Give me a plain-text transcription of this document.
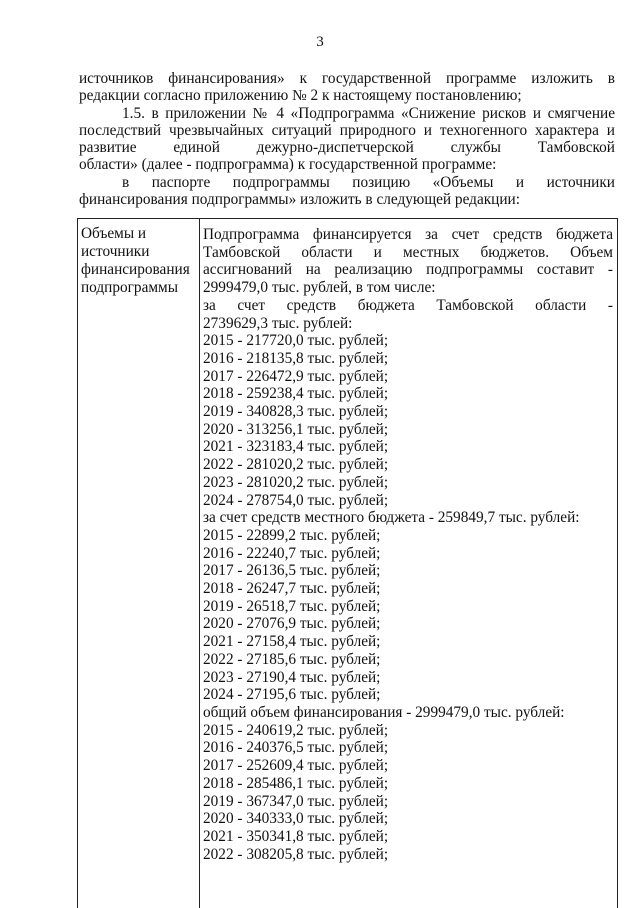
3

источников финансирования» к государственной программе изложить в

редакции согласно приложению № 2 к настоящему постановлению;

1.5. в приложении № 4 «Подпрограмма «Снижение рисков и смягчение

последствий чрезвычайных ситуаций природного и техногенного характера и

развитие единой дежурно-диспетчерской службы Тамбовской

области» (далее - подпрограмма) к государственной программе:

в паспорте подпрограммы позицию «Объемы и источники

финансирования подпрограммы» изложить в следующей редакции:

Объемы и
источники
финансирования
подпрограммы
Подпрограмма финансируется за счет средств бюджета
Тамбовской области и местных бюджетов. Объем
ассигнований на реализацию подпрограммы составит -
2999479,0 тыс. рублей, в том числе:
за счет средств бюджета Тамбовской области -
2739629,3 тыс. рублей:
2015 - 217720,0 тыс. рублей;
2016 - 218135,8 тыс. рублей;
2017 - 226472,9 тыс. рублей;
2018 - 259238,4 тыс. рублей;
2019 - 340828,3 тыс. рублей;
2020 - 313256,1 тыс. рублей;
2021 - 323183,4 тыс. рублей;
2022 - 281020,2 тыс. рублей;
2023 - 281020,2 тыс. рублей;
2024 - 278754,0 тыс. рублей;
за счет средств местного бюджета - 259849,7 тыс. рублей:
2015 - 22899,2 тыс. рублей;
2016 - 22240,7 тыс. рублей;
2017 - 26136,5 тыс. рублей;
2018 - 26247,7 тыс. рублей;
2019 - 26518,7 тыс. рублей;
2020 - 27076,9 тыс. рублей;
2021 - 27158,4 тыс. рублей;
2022 - 27185,6 тыс. рублей;
2023 - 27190,4 тыс. рублей;
2024 - 27195,6 тыс. рублей;
общий объем финансирования - 2999479,0 тыс. рублей:
2015 - 240619,2 тыс. рублей;
2016 - 240376,5 тыс. рублей;
2017 - 252609,4 тыс. рублей;
2018 - 285486,1 тыс. рублей;
2019 - 367347,0 тыс. рублей;
2020 - 340333,0 тыс. рублей;
2021 - 350341,8 тыс. рублей;
2022 - 308205,8 тыс. рублей;
